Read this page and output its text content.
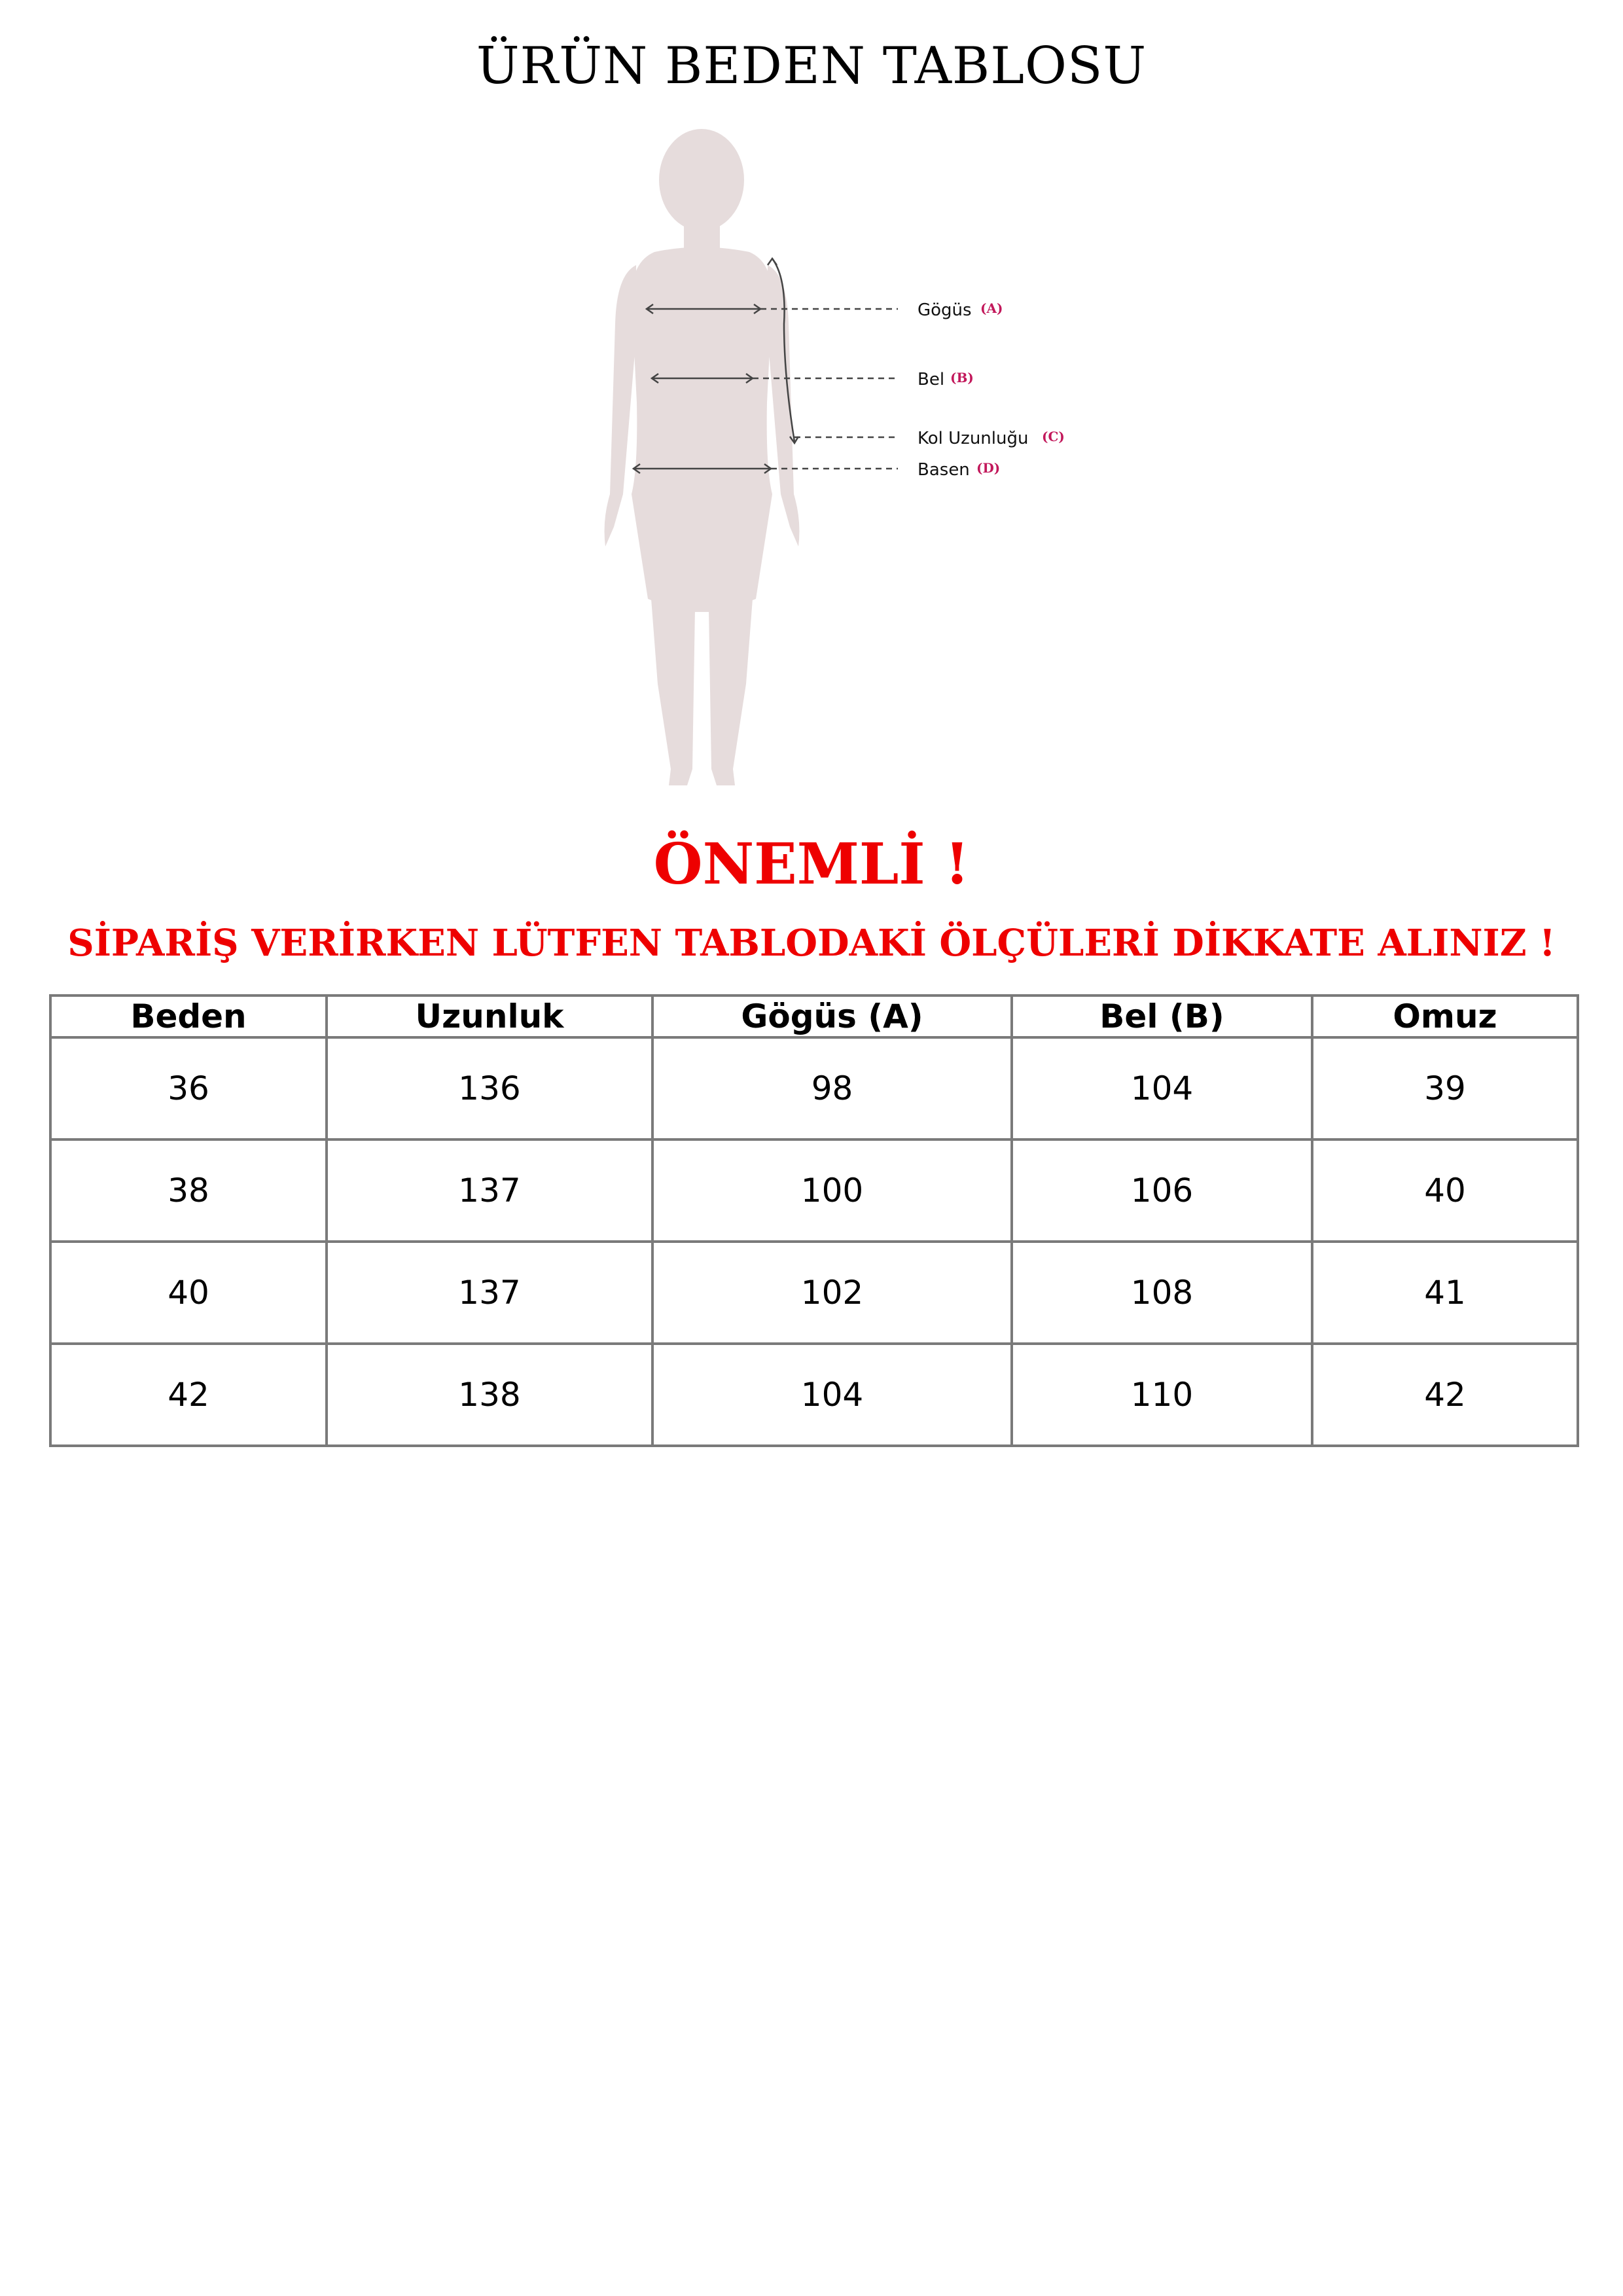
ÜRÜN BEDEN TABLOSU
Gögüs (A)
Bel (B)
Kol Uzunluğu (C)
Basen (D)
ÖNEMLİ !
SİPARİŞ VERİRKEN LÜTFEN TABLODAKİ ÖLÇÜLERİ DİKKATE ALINIZ !
Beden	Uzunluk	Gögüs (A)	Bel (B)	Omuz
36	136	98	104	39
38	137	100	106	40
40	137	102	108	41
42	138	104	110	42
